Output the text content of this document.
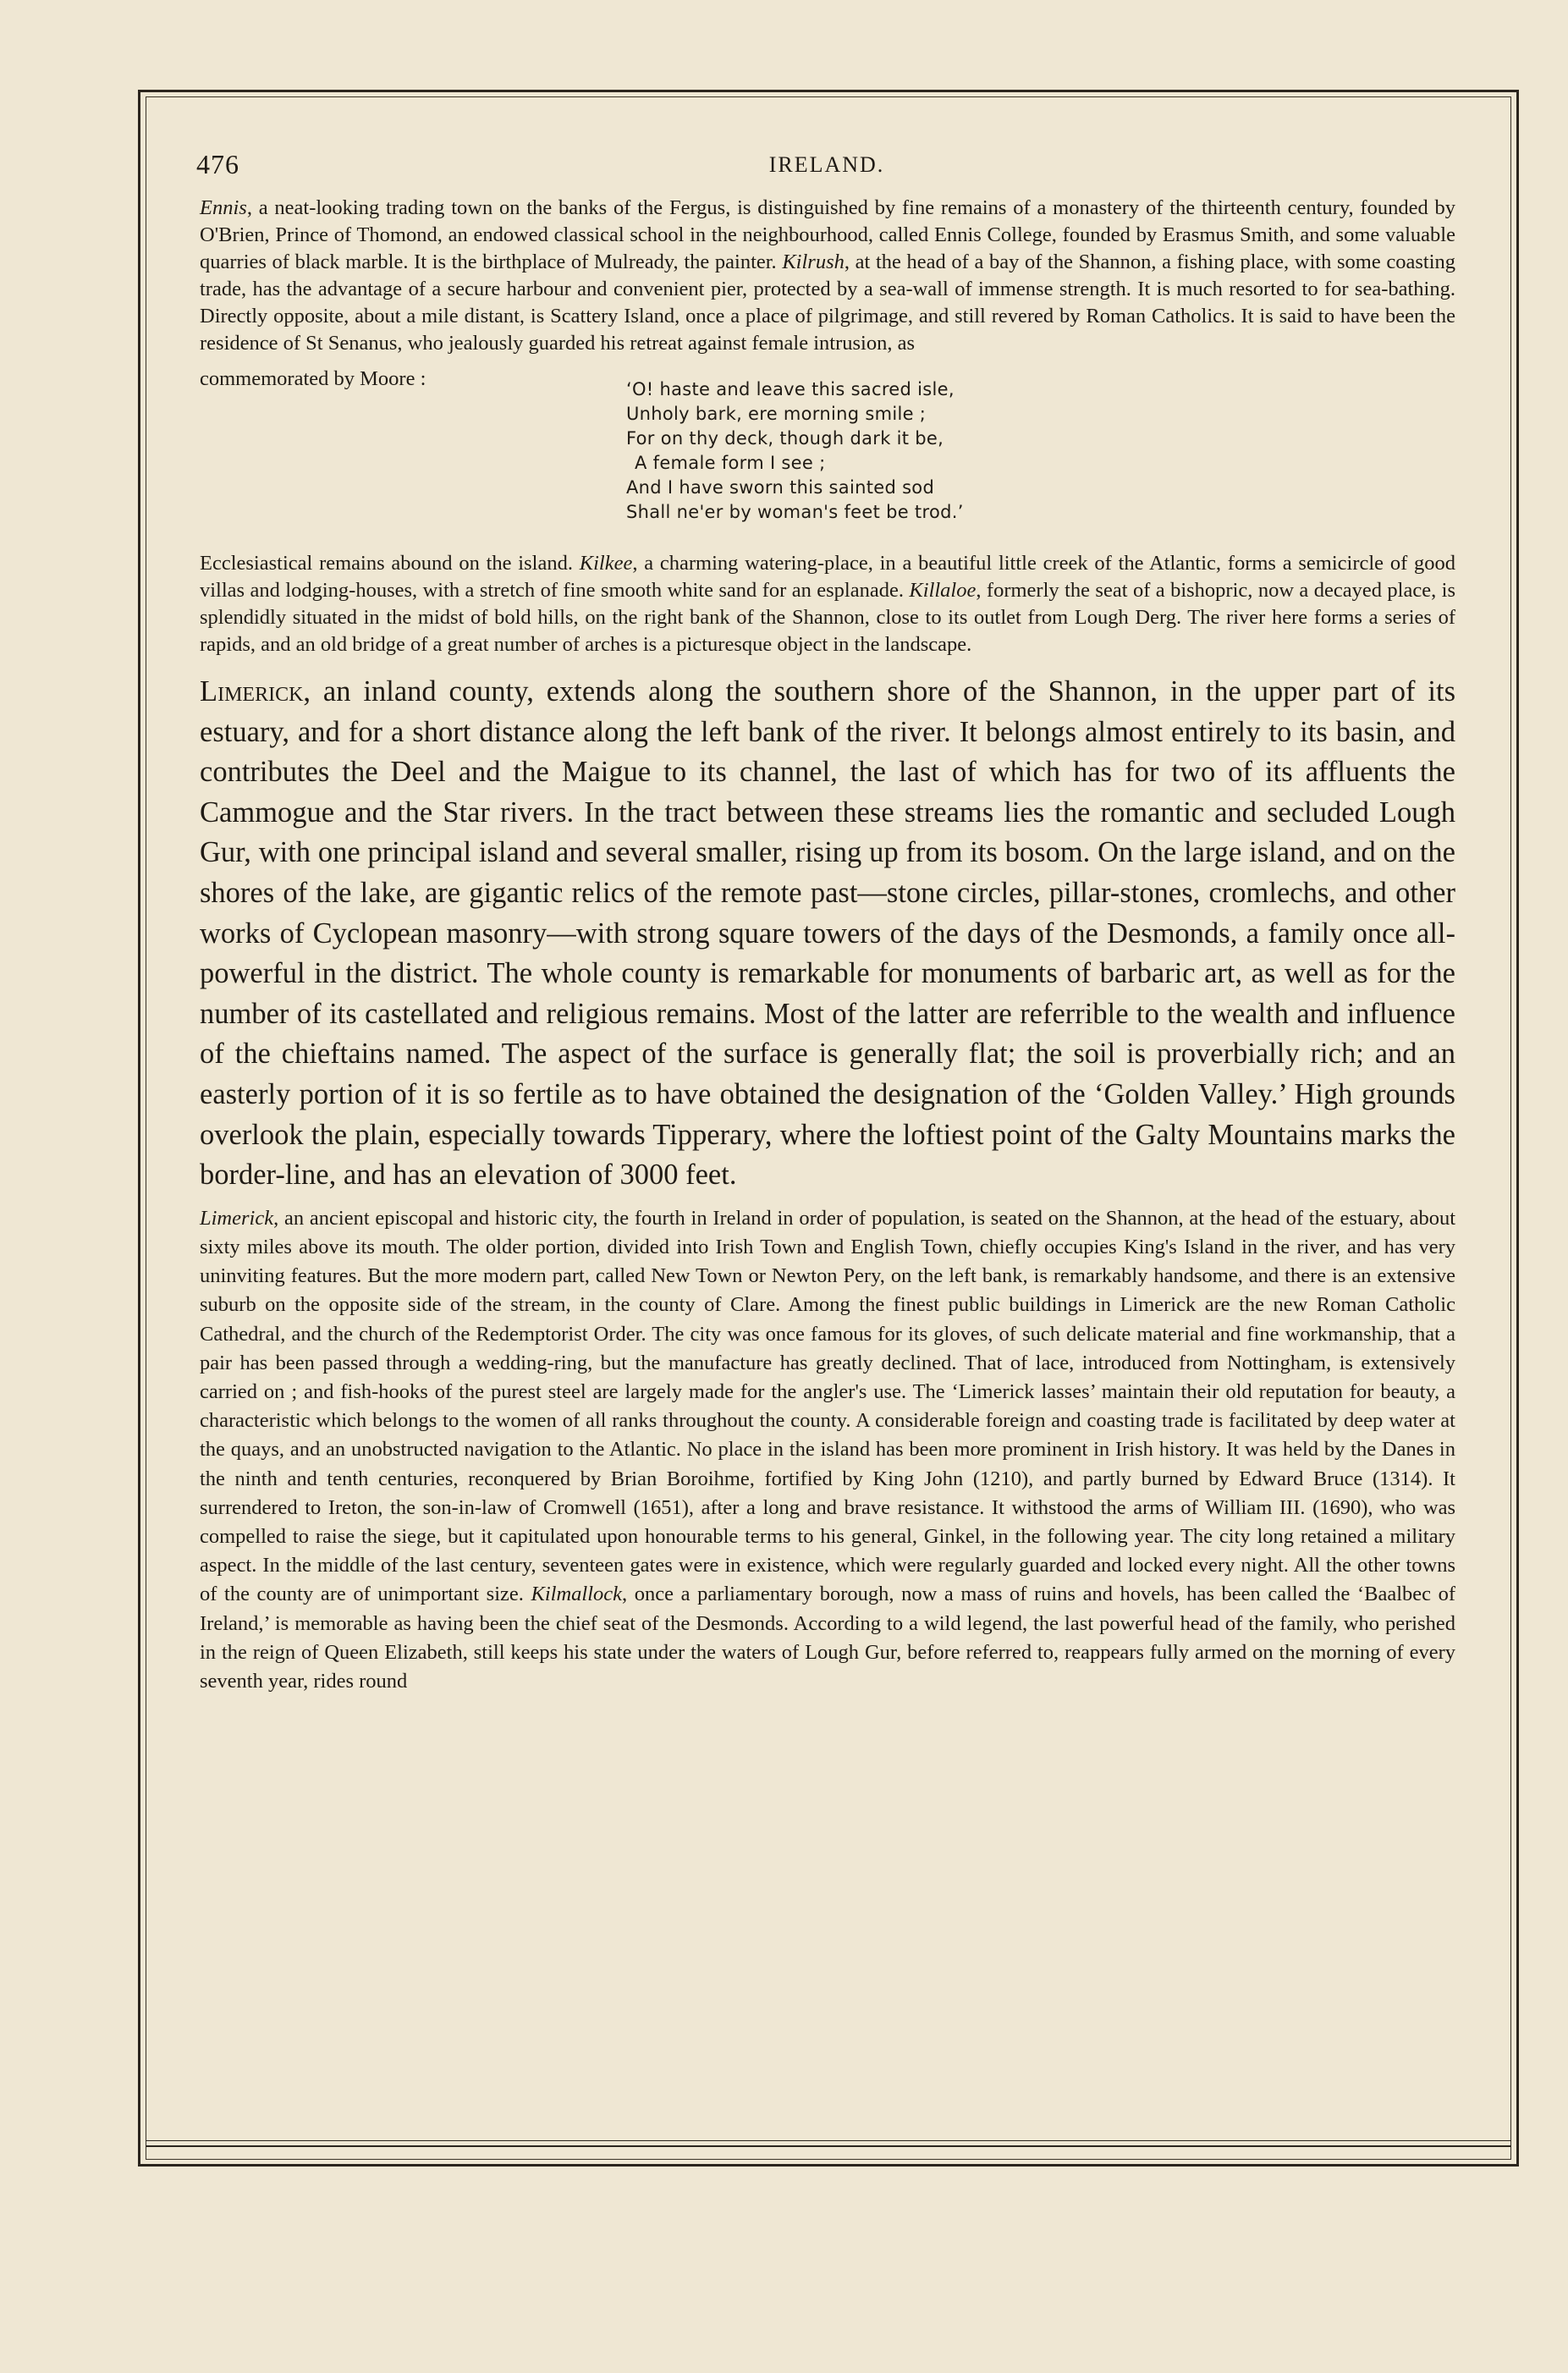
476	IRELAND.

Ennis, a neat-looking trading town on the banks of the Fergus, is distinguished by fine remains of a monastery of the thirteenth century, founded by O'Brien, Prince of Thomond, an endowed classical school in the neighbourhood, called Ennis College, founded by Erasmus Smith, and some valuable quarries of black marble. It is the birthplace of Mulready, the painter. Kilrush, at the head of a bay of the Shannon, a fishing place, with some coasting trade, has the advantage of a secure harbour and convenient pier, protected by a sea-wall of immense strength. It is much resorted to for sea-bathing. Directly opposite, about a mile distant, is Scattery Island, once a place of pilgrimage, and still revered by Roman Catholics. It is said to have been the residence of St Senanus, who jealously guarded his retreat against female intrusion, as

commemorated by Moore :	‘O! haste and leave this sacred isle,
Unholy bark, ere morning smile ;
For on thy deck, though dark it be,
A female form I see ;
And I have sworn this sainted sod
Shall ne'er by woman's feet be trod.’

Ecclesiastical remains abound on the island. Kilkee, a charming watering-place, in a beautiful little creek of the Atlantic, forms a semicircle of good villas and lodging-houses, with a stretch of fine smooth white sand for an esplanade. Killaloe, formerly the seat of a bishopric, now a decayed place, is splendidly situated in the midst of bold hills, on the right bank of the Shannon, close to its outlet from Lough Derg. The river here forms a series of rapids, and an old bridge of a great number of arches is a picturesque object in the landscape.

Limerick, an inland county, extends along the southern shore of the Shannon, in the upper part of its estuary, and for a short distance along the left bank of the river. It belongs almost entirely to its basin, and contributes the Deel and the Maigue to its channel, the last of which has for two of its affluents the Cammogue and the Star rivers. In the tract between these streams lies the romantic and secluded Lough Gur, with one principal island and several smaller, rising up from its bosom. On the large island, and on the shores of the lake, are gigantic relics of the remote past—stone circles, pillar-stones, cromlechs, and other works of Cyclopean masonry—with strong square towers of the days of the Desmonds, a family once all-powerful in the district. The whole county is remarkable for monuments of barbaric art, as well as for the number of its castellated and religious remains. Most of the latter are referrible to the wealth and influence of the chieftains named. The aspect of the surface is generally flat; the soil is proverbially rich; and an easterly portion of it is so fertile as to have obtained the designation of the ‘Golden Valley.’ High grounds overlook the plain, especially towards Tipperary, where the loftiest point of the Galty Mountains marks the border-line, and has an elevation of 3000 feet.

Limerick, an ancient episcopal and historic city, the fourth in Ireland in order of population, is seated on the Shannon, at the head of the estuary, about sixty miles above its mouth. The older portion, divided into Irish Town and English Town, chiefly occupies King's Island in the river, and has very uninviting features. But the more modern part, called New Town or Newton Pery, on the left bank, is remarkably handsome, and there is an extensive suburb on the opposite side of the stream, in the county of Clare. Among the finest public buildings in Limerick are the new Roman Catholic Cathedral, and the church of the Redemptorist Order. The city was once famous for its gloves, of such delicate material and fine workmanship, that a pair has been passed through a wedding-ring, but the manufacture has greatly declined. That of lace, introduced from Nottingham, is extensively carried on ; and fish-hooks of the purest steel are largely made for the angler's use. The ‘Limerick lasses’ maintain their old reputation for beauty, a characteristic which belongs to the women of all ranks throughout the county. A considerable foreign and coasting trade is facilitated by deep water at the quays, and an unobstructed navigation to the Atlantic. No place in the island has been more prominent in Irish history. It was held by the Danes in the ninth and tenth centuries, reconquered by Brian Boroihme, fortified by King John (1210), and partly burned by Edward Bruce (1314). It surrendered to Ireton, the son-in-law of Cromwell (1651), after a long and brave resistance. It withstood the arms of William III. (1690), who was compelled to raise the siege, but it capitulated upon honourable terms to his general, Ginkel, in the following year. The city long retained a military aspect. In the middle of the last century, seventeen gates were in existence, which were regularly guarded and locked every night. All the other towns of the county are of unimportant size. Kilmallock, once a parliamentary borough, now a mass of ruins and hovels, has been called the ‘Baalbec of Ireland,’ is memorable as having been the chief seat of the Desmonds. According to a wild legend, the last powerful head of the family, who perished in the reign of Queen Elizabeth, still keeps his state under the waters of Lough Gur, before referred to, reappears fully armed on the morning of every seventh year, rides round
